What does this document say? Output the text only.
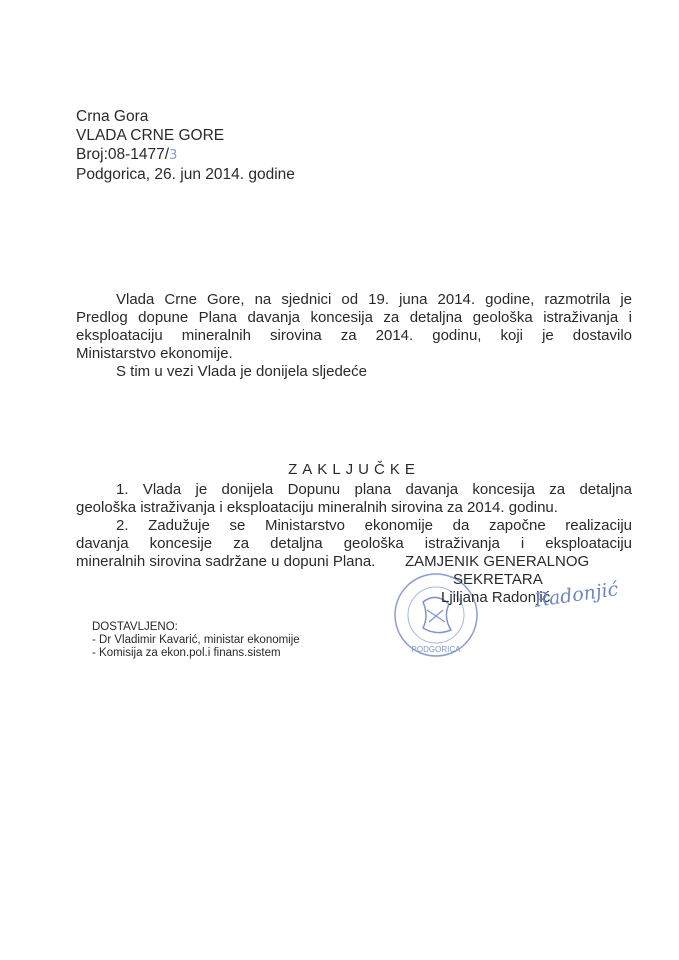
Crna Gora
VLADA CRNE GORE
Broj:08-1477/3
Podgorica, 26. jun 2014. godine
Vlada Crne Gore, na sjednici od 19. juna 2014. godine, razmotrila je
Predlog dopune Plana davanja koncesija za detaljna geološka istraživanja i
eksploataciju mineralnih sirovina za 2014. godinu, koji je dostavilo
Ministarstvo ekonomije.
S tim u vezi Vlada je donijela sljedeće
ZAKLJUČKE
1. Vlada je donijela Dopunu plana davanja koncesija za detaljna
geološka istraživanja i eksploataciju mineralnih sirovina za 2014. godinu.
2. Zadužuje se Ministarstvo ekonomije da započne realizaciju
davanja koncesije za detaljna geološka istraživanja i eksploataciju
mineralnih sirovina sadržane u dopuni Plana.
PODGORICA
ZAMJENIK GENERALNOG
SEKRETARA
Ljiljana Radonjić
Radonjić
DOSTAVLJENO:
- Dr Vladimir Kavarić, ministar ekonomije
- Komisija za ekon.pol.i finans.sistem
